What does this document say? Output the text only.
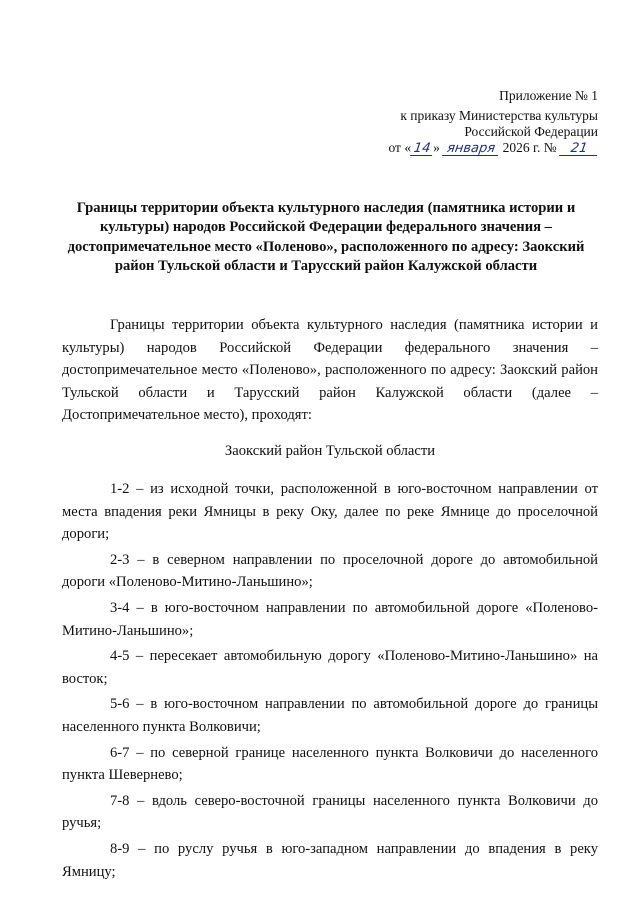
Приложение № 1
к приказу Министерства культуры
Российской Федерации
от « 14 » января 2026 г. № 21
Границы территории объекта культурного наследия (памятника истории и культуры) народов Российской Федерации федерального значения – достопримечательное место «Поленово», расположенного по адресу: Заокский район Тульской области и Тарусский район Калужской области
Границы территории объекта культурного наследия (памятника истории и культуры) народов Российской Федерации федерального значения – достопримечательное место «Поленово», расположенного по адресу: Заокский район Тульской области и Тарусский район Калужской области (далее – Достопримечательное место), проходят:
Заокский район Тульской области

1-2 – из исходной точки, расположенной в юго-восточном направлении от места впадения реки Ямницы в реку Оку, далее по реке Ямнице до проселочной дороги;

2-3 – в северном направлении по проселочной дороге до автомобильной дороги «Поленово-Митино-Ланьшино»;

3-4 – в юго-восточном направлении по автомобильной дороге «Поленово-Митино-Ланьшино»;

4-5 – пересекает автомобильную дорогу «Поленово-Митино-Ланьшино» на восток;

5-6 – в юго-восточном направлении по автомобильной дороге до границы населенного пункта Волковичи;

6-7 – по северной границе населенного пункта Волковичи до населенного пункта Шевернево;

7-8 – вдоль северо-восточной границы населенного пункта Волковичи до ручья;

8-9 – по руслу ручья в юго-западном направлении до впадения в реку Ямницу;
